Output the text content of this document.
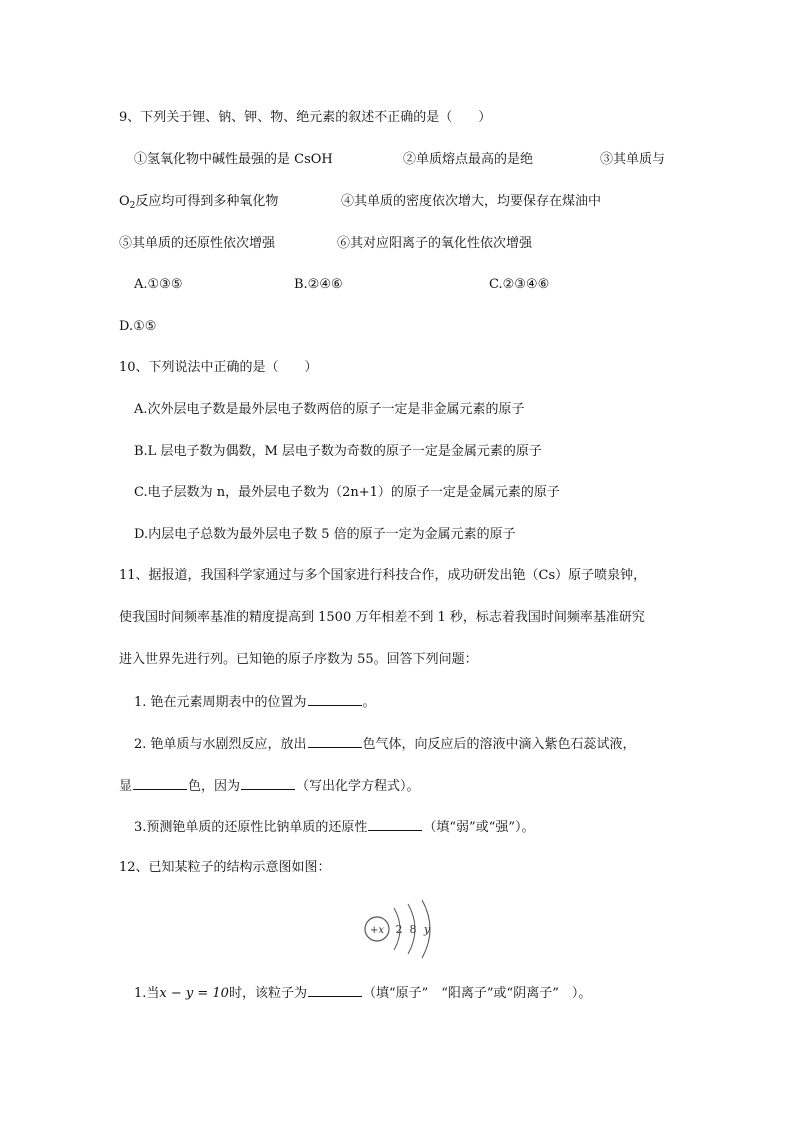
9、下列关于锂、钠、钾、物、绝元素的叙述不正确的是（　　）
①氢氧化物中碱性最强的是 CsOH	②单质熔点最高的是绝	③其单质与
$O_2$反应均可得到多种氧化物	④其单质的密度依次增大，均要保存在煤油中
⑤其单质的还原性依次增强	⑥其对应阳离子的氧化性依次增强
A.①③⑤	B.②④⑥	C.②③④⑥
D.①⑤
10、下列说法中正确的是（　　）
A.次外层电子数是最外层电子数两倍的原子一定是非金属元素的原子
B.L 层电子数为偶数，M 层电子数为奇数的原子一定是金属元素的原子
C.电子层数为 n，最外层电子数为（2n+1）的原子一定是金属元素的原子
D.内层电子总数为最外层电子数 5 倍的原子一定为金属元素的原子
11、据报道，我国科学家通过与多个国家进行科技合作，成功研发出铯（Cs）原子喷泉钟，
使我国时间频率基准的精度提高到 1500 万年相差不到 1 秒，标志着我国时间频率基准研究
进入世界先进行列。已知铯的原子序数为 55。回答下列问题：
1. 铯在元素周期表中的位置为	。
2. 铯单质与水剧烈反应，放出	色气体，向反应后的溶液中滴入紫色石蕊试液，
显	色，因为	（写出化学方程式）。
3.预测铯单质的还原性比钠单质的还原性	（填“弱”或“强”）。
12、已知某粒子的结构示意图如图：
+x 2 8 y
1.当x − y = 10时，该粒子为	（填“原子”　“阳离子”或“阴离子”　）。
